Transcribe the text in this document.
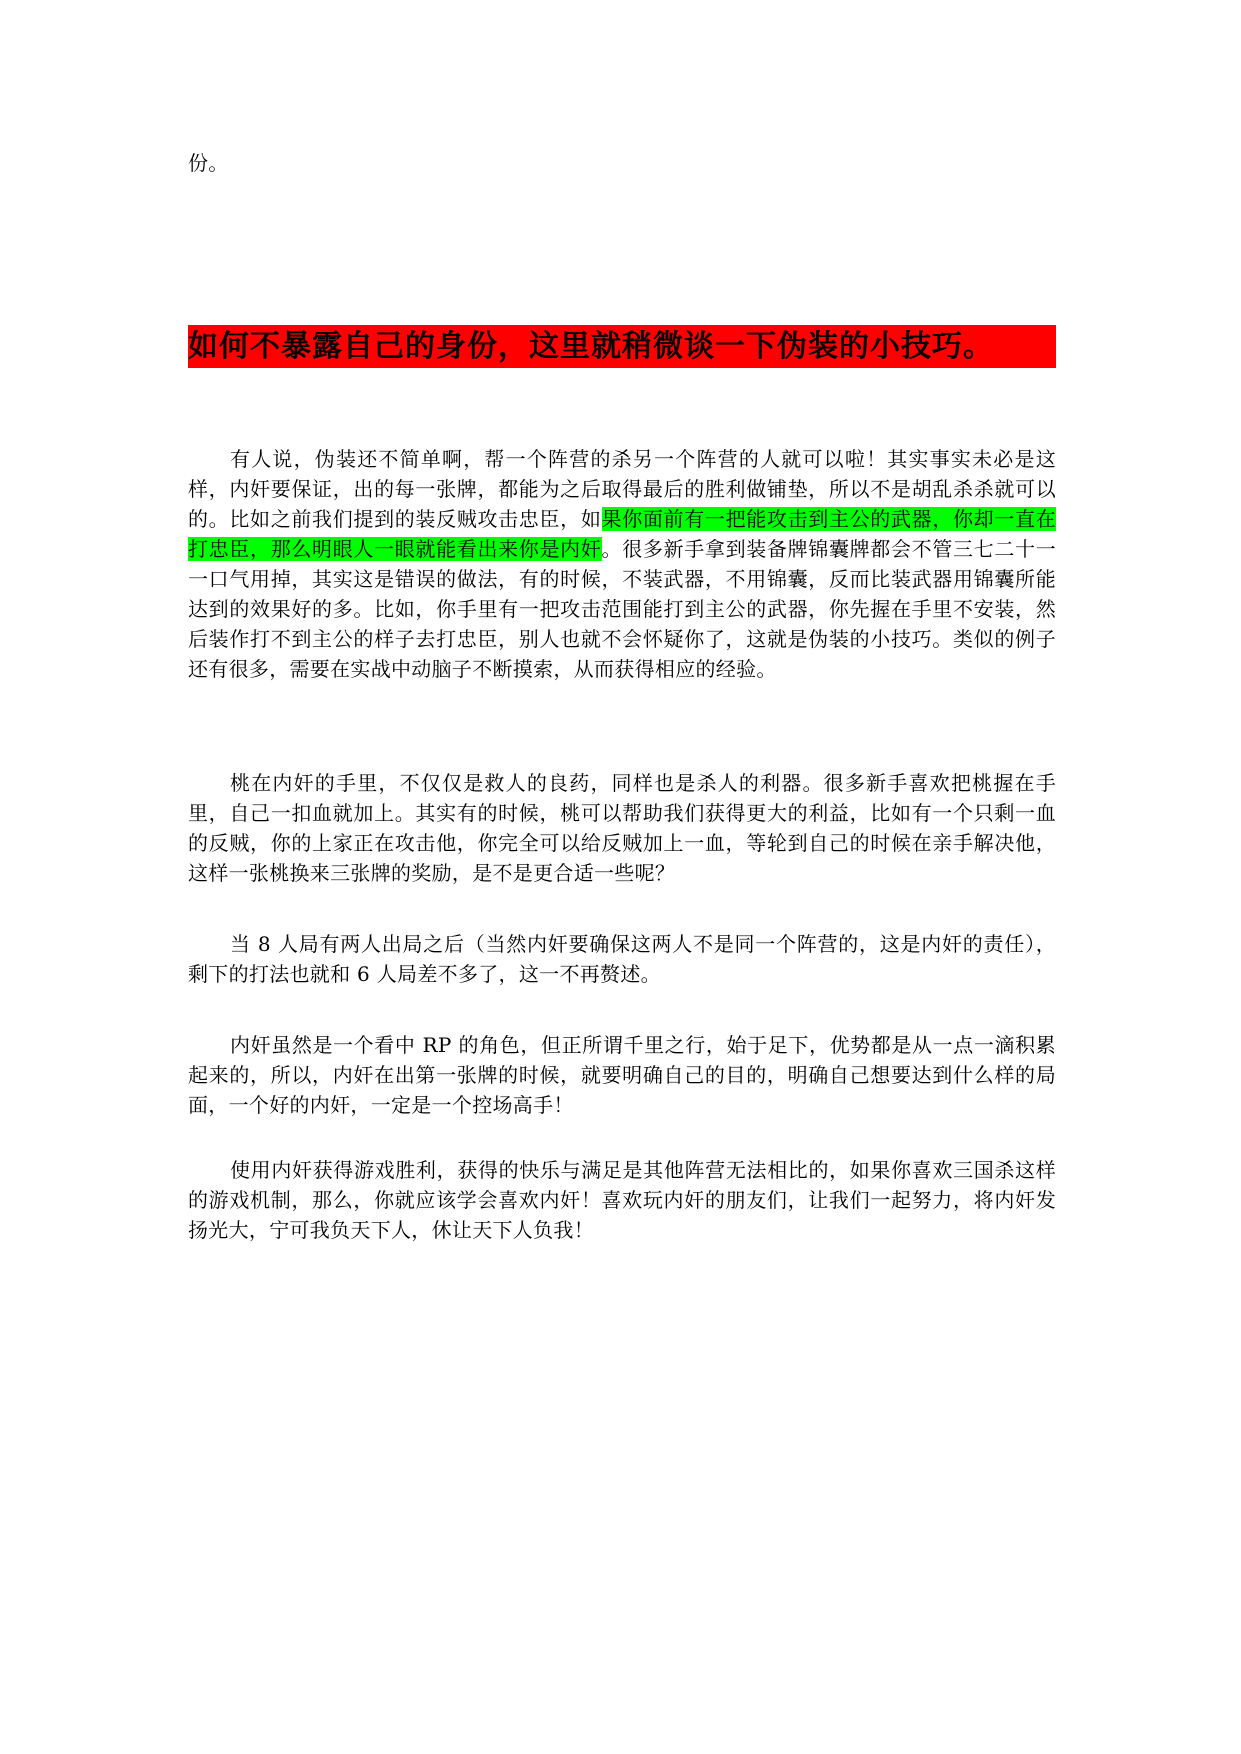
份。
如何不暴露自己的身份，这里就稍微谈一下伪装的小技巧。
有人说，伪装还不简单啊，帮一个阵营的杀另一个阵营的人就可以啦！其实事实未必是这样，内奸要保证，出的每一张牌，都能为之后取得最后的胜利做铺垫，所以不是胡乱杀杀就可以的。比如之前我们提到的装反贼攻击忠臣，如果你面前有一把能攻击到主公的武器，你却一直在打忠臣，那么明眼人一眼就能看出来你是内奸。很多新手拿到装备牌锦囊牌都会不管三七二十一一口气用掉，其实这是错误的做法，有的时候，不装武器，不用锦囊，反而比装武器用锦囊所能达到的效果好的多。比如，你手里有一把攻击范围能打到主公的武器，你先握在手里不安装，然后装作打不到主公的样子去打忠臣，别人也就不会怀疑你了，这就是伪装的小技巧。类似的例子还有很多，需要在实战中动脑子不断摸索，从而获得相应的经验。
桃在内奸的手里，不仅仅是救人的良药，同样也是杀人的利器。很多新手喜欢把桃握在手里，自己一扣血就加上。其实有的时候，桃可以帮助我们获得更大的利益，比如有一个只剩一血的反贼，你的上家正在攻击他，你完全可以给反贼加上一血，等轮到自己的时候在亲手解决他，这样一张桃换来三张牌的奖励，是不是更合适一些呢？
当 8 人局有两人出局之后（当然内奸要确保这两人不是同一个阵营的，这是内奸的责任），剩下的打法也就和 6 人局差不多了，这一不再赘述。
内奸虽然是一个看中 RP 的角色，但正所谓千里之行，始于足下，优势都是从一点一滴积累起来的，所以，内奸在出第一张牌的时候，就要明确自己的目的，明确自己想要达到什么样的局面，一个好的内奸，一定是一个控场高手！
使用内奸获得游戏胜利，获得的快乐与满足是其他阵营无法相比的，如果你喜欢三国杀这样的游戏机制，那么，你就应该学会喜欢内奸！喜欢玩内奸的朋友们，让我们一起努力，将内奸发扬光大，宁可我负天下人，休让天下人负我！
